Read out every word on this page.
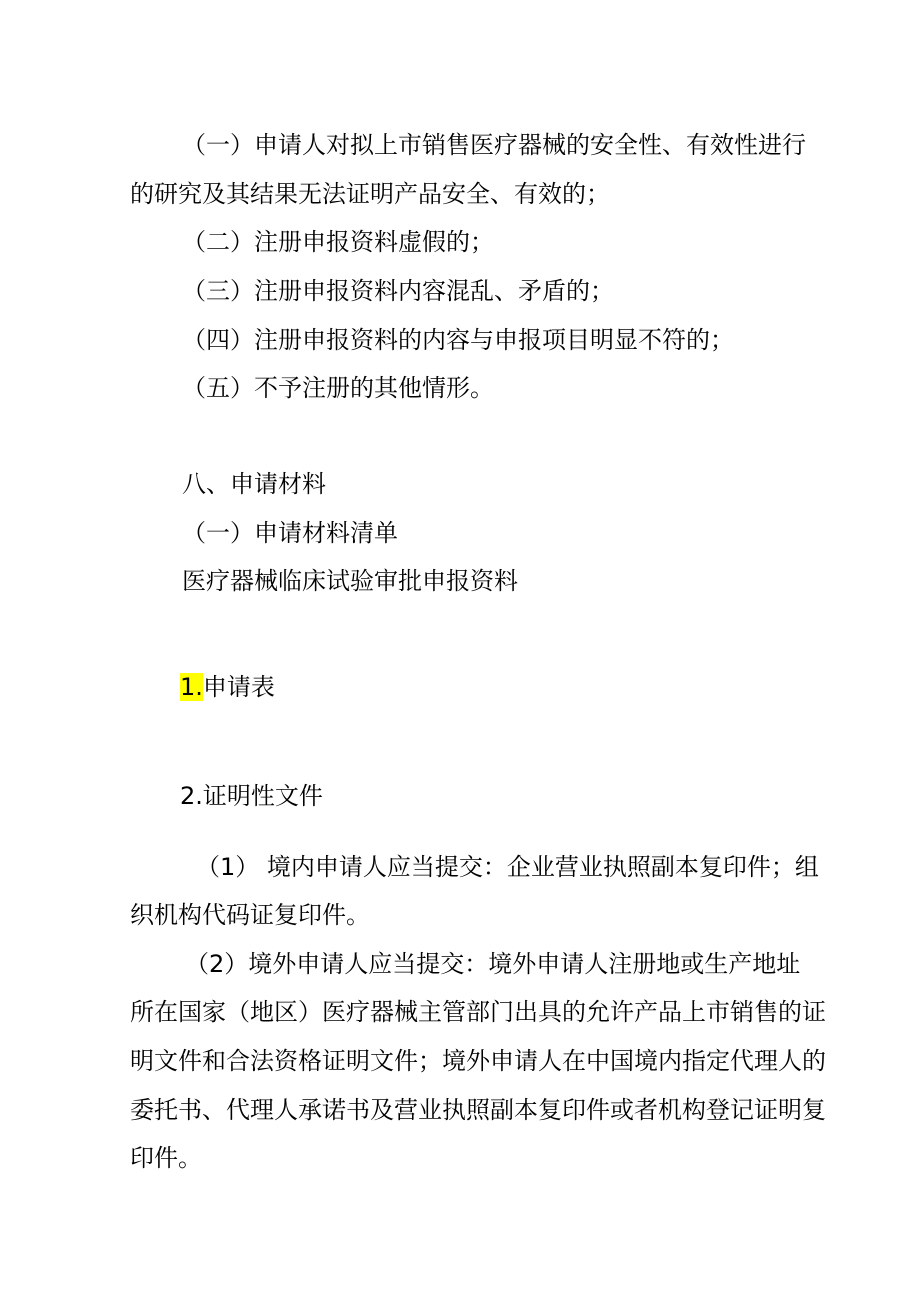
（一）申请人对拟上市销售医疗器械的安全性、有效性进行
的研究及其结果无法证明产品安全、有效的；
（二）注册申报资料虚假的；
（三）注册申报资料内容混乱、矛盾的；
（四）注册申报资料的内容与申报项目明显不符的；
（五）不予注册的其他情形。
八、申请材料
（一）申请材料清单
医疗器械临床试验审批申报资料
1.申请表
2.证明性文件
（1） 境内申请人应当提交：企业营业执照副本复印件；组
织机构代码证复印件。
（2）境外申请人应当提交：境外申请人注册地或生产地址
所在国家（地区）医疗器械主管部门出具的允许产品上市销售的证
明文件和合法资格证明文件；境外申请人在中国境内指定代理人的
委托书、代理人承诺书及营业执照副本复印件或者机构登记证明复
印件。
